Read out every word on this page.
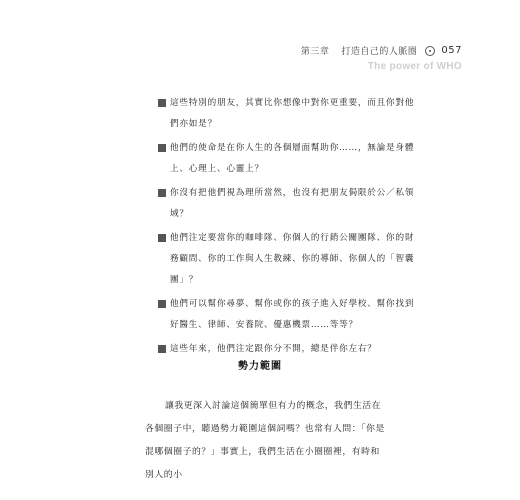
第三章 打造自己的人脈圈 057
The power of WHO
這些特別的朋友，其實比你想像中對你更重要，而且你對他們亦如是？
他們的使命是在你人生的各個層面幫助你……，無論是身體上、心理上、心靈上？
你沒有把他們視為理所當然，也沒有把朋友侷限於公／私領域？
他們注定要當你的咖啡隊、你個人的行銷公關團隊、你的財務顧問、你的工作與人生教練、你的導師、你個人的「智囊團」？
他們可以幫你尋夢、幫你或你的孩子進入好學校、幫你找到好醫生、律師、安養院、優惠機票……等等？
這些年來，他們注定跟你分不開，總是伴你左右？
勢力範圍
讓我更深入討論這個簡單但有力的概念，我們生活在各個圈子中，聽過勢力範圍這個詞嗎？也常有人問：「你是混哪個圈子的？」事實上，我們生活在小圈圈裡，有時和別人的小
